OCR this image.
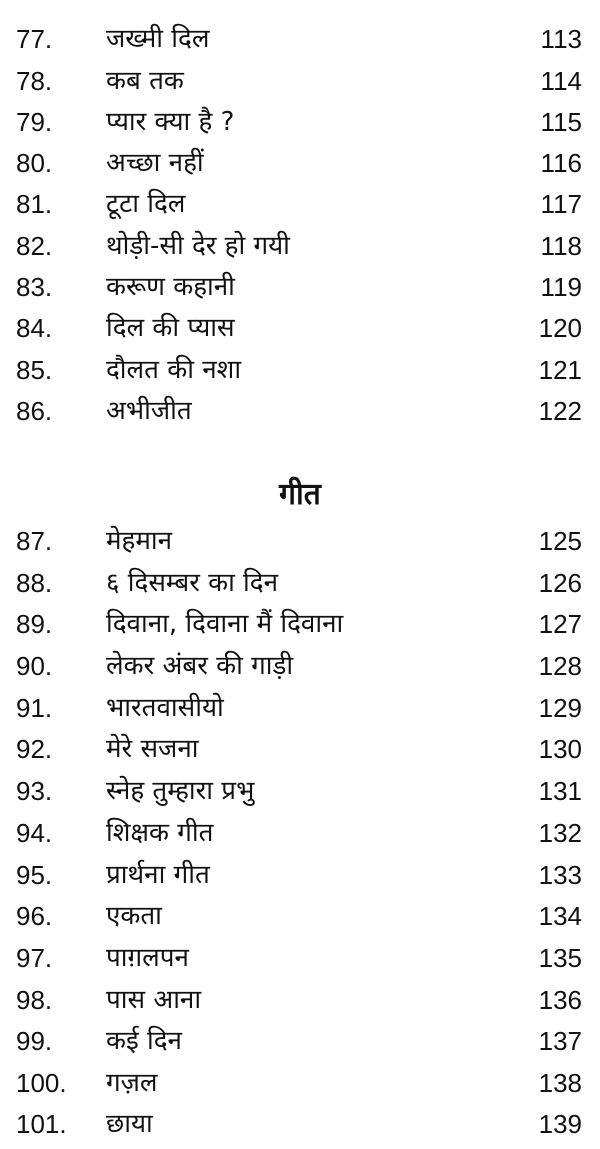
77. जख्मी दिल	113
78. कब तक	114
79. प्यार क्या है ?	115
80. अच्छा नहीं	116
81. टूटा दिल	117
82. थोड़ी-सी देर हो गयी	118
83. करूण कहानी	119
84. दिल की प्यास	120
85. दौलत की नशा	121
86. अभीजीत	122
गीत
87. मेहमान	125
88. ६ दिसम्बर का दिन	126
89. दिवाना, दिवाना मैं दिवाना	127
90. लेकर अंबर की गाड़ी	128
91. भारतवासीयो	129
92. मेरे सजना	130
93. स्नेह तुम्हारा प्रभु	131
94. शिक्षक गीत	132
95. प्रार्थना गीत	133
96. एकता	134
97. पाग़लपन	135
98. पास आना	136
99. कई दिन	137
100. गज़ल	138
101. छाया	139
